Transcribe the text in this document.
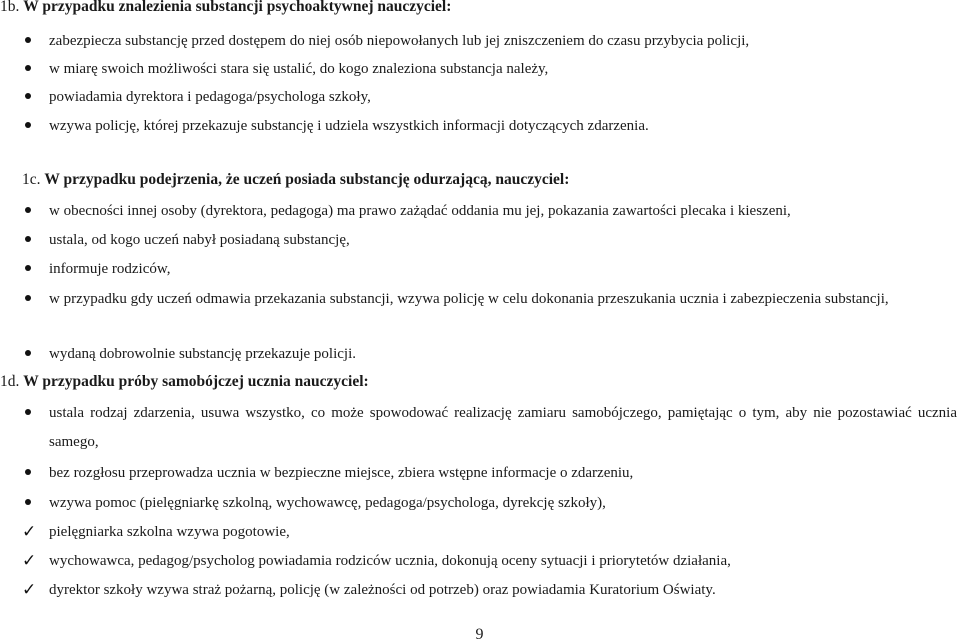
1b. W przypadku znalezienia substancji psychoaktywnej nauczyciel:
zabezpiecza substancję przed dostępem do niej osób niepowołanych lub jej zniszczeniem do czasu przybycia policji,
w miarę swoich możliwości stara się ustalić, do kogo znaleziona substancja należy,
powiadamia dyrektora i pedagoga/psychologa szkoły,
wzywa policję, której przekazuje substancję i udziela wszystkich informacji dotyczących zdarzenia.
1c. W przypadku podejrzenia, że uczeń posiada substancję odurzającą, nauczyciel:
w obecności innej osoby (dyrektora, pedagoga) ma prawo zażądać oddania mu jej, pokazania zawartości plecaka i kieszeni,
ustala, od kogo uczeń nabył posiadaną substancję,
informuje rodziców,
w przypadku gdy uczeń odmawia przekazania substancji, wzywa policję w celu dokonania przeszukania ucznia i zabezpieczenia substancji,
wydaną dobrowolnie substancję przekazuje policji.
1d. W przypadku próby samobójczej ucznia nauczyciel:
ustala rodzaj zdarzenia, usuwa wszystko, co może spowodować realizację zamiaru samobójczego, pamiętając o tym, aby nie pozostawiać ucznia samego,
bez rozgłosu przeprowadza ucznia w bezpieczne miejsce, zbiera wstępne informacje o zdarzeniu,
wzywa pomoc (pielęgniarkę szkolną, wychowawcę, pedagoga/psychologa, dyrekcję szkoły),
✓ pielęgniarka szkolna wzywa pogotowie,
✓ wychowawca, pedagog/psycholog powiadamia rodziców ucznia, dokonują oceny sytuacji i priorytetów działania,
✓ dyrektor szkoły wzywa straż pożarną, policję (w zależności od potrzeb) oraz powiadamia Kuratorium Oświaty.
9
